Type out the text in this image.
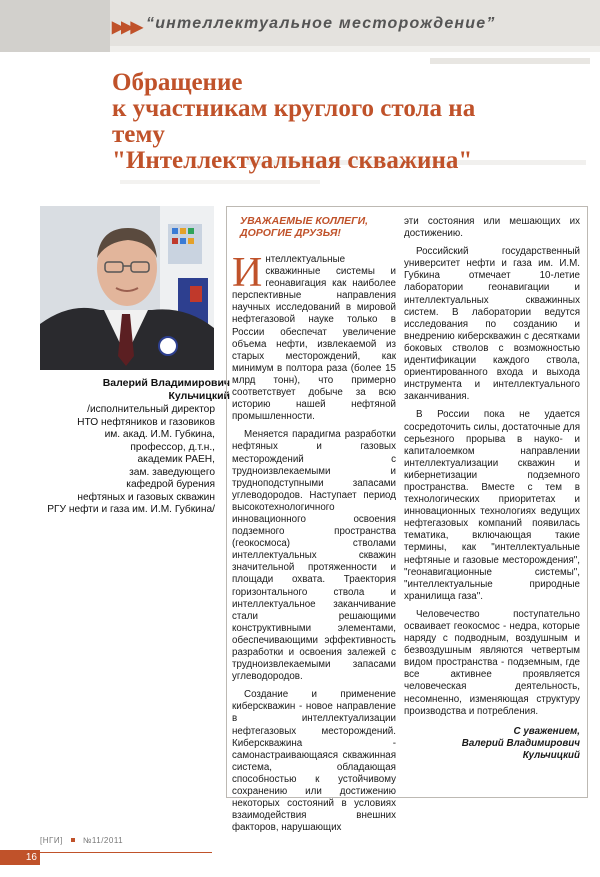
▶▶▶ “интеллектуальное месторождение”
Обращение
к участникам круглого стола на тему
"Интеллектуальная скважина"
Валерий Владимирович Кульчицкий
/исполнительный директор
НТО нефтяников и газовиков
им. акад. И.М. Губкина,
профессор, д.т.н.,
академик РАЕН,
зам. заведующего
кафедрой бурения
нефтяных и газовых скважин
РГУ нефти и газа им. И.М. Губкина/
УВАЖАЕМЫЕ КОЛЛЕГИ, ДОРОГИЕ ДРУЗЬЯ!

Интеллектуальные скважинные системы и геонавигация как наиболее перспективные направления научных исследований в мировой нефтегазовой науке только в России обеспечат увеличение объема нефти, извлекаемой из старых месторождений, как минимум в полтора раза (более 15 млрд тонн), что примерно соответствует добыче за всю историю нашей нефтяной промышленности.

Меняется парадигма разработки нефтяных и газовых месторождений с трудноизвлекаемыми и трудноподступными запасами углеводородов. Наступает период высокотехнологичного инновационного освоения подземного пространства (геокосмоса) стволами интеллектуальных скважин значительной протяженности и площади охвата. Траектория горизонтального ствола и интеллектуальное заканчивание стали решающими конструктивными элементами, обеспечивающими эффективность разработки и освоения залежей с трудноизвлекаемыми запасами углеводородов.

Создание и применение киберскважин - новое направление в интеллектуализации нефтегазовых месторождений. Киберскважина - самонастраивающаяся скважинная система, обладающая способностью к устойчивому сохранению или достижению некоторых состояний в условиях взаимодействия внешних факторов, нарушающих

эти состояния или мешающих их достижению.

Российский государственный университет нефти и газа им. И.М. Губкина отмечает 10-летие лаборатории геонавигации и интеллектуальных скважинных систем. В лаборатории ведутся исследования по созданию и внедрению киберскважин с десятками боковых стволов с возможностью идентификации каждого ствола, ориентированного входа и выхода инструмента и интеллектуального заканчивания.

В России пока не удается сосредоточить силы, достаточные для серьезного прорыва в науко- и капиталоемком направлении интеллектуализации скважин и кибернетизации подземного пространства. Вместе с тем в технологических приоритетах и инновационных технологиях ведущих нефтегазовых компаний появилась тематика, включающая такие термины, как "интеллектуальные нефтяные и газовые месторождения", "геонавигационные системы", "интеллектуальные природные хранилища газа".

Человечество поступательно осваивает геокосмос - недра, которые наряду с подводным, воздушным и безвоздушным являются четвертым видом пространства - подземным, где все активнее проявляется человеческая деятельность, несомненно, изменяющая структуру производства и потребления.

С уважением,
Валерий Владимирович
Кульчицкий
[НГИ]	№11/2011
16
